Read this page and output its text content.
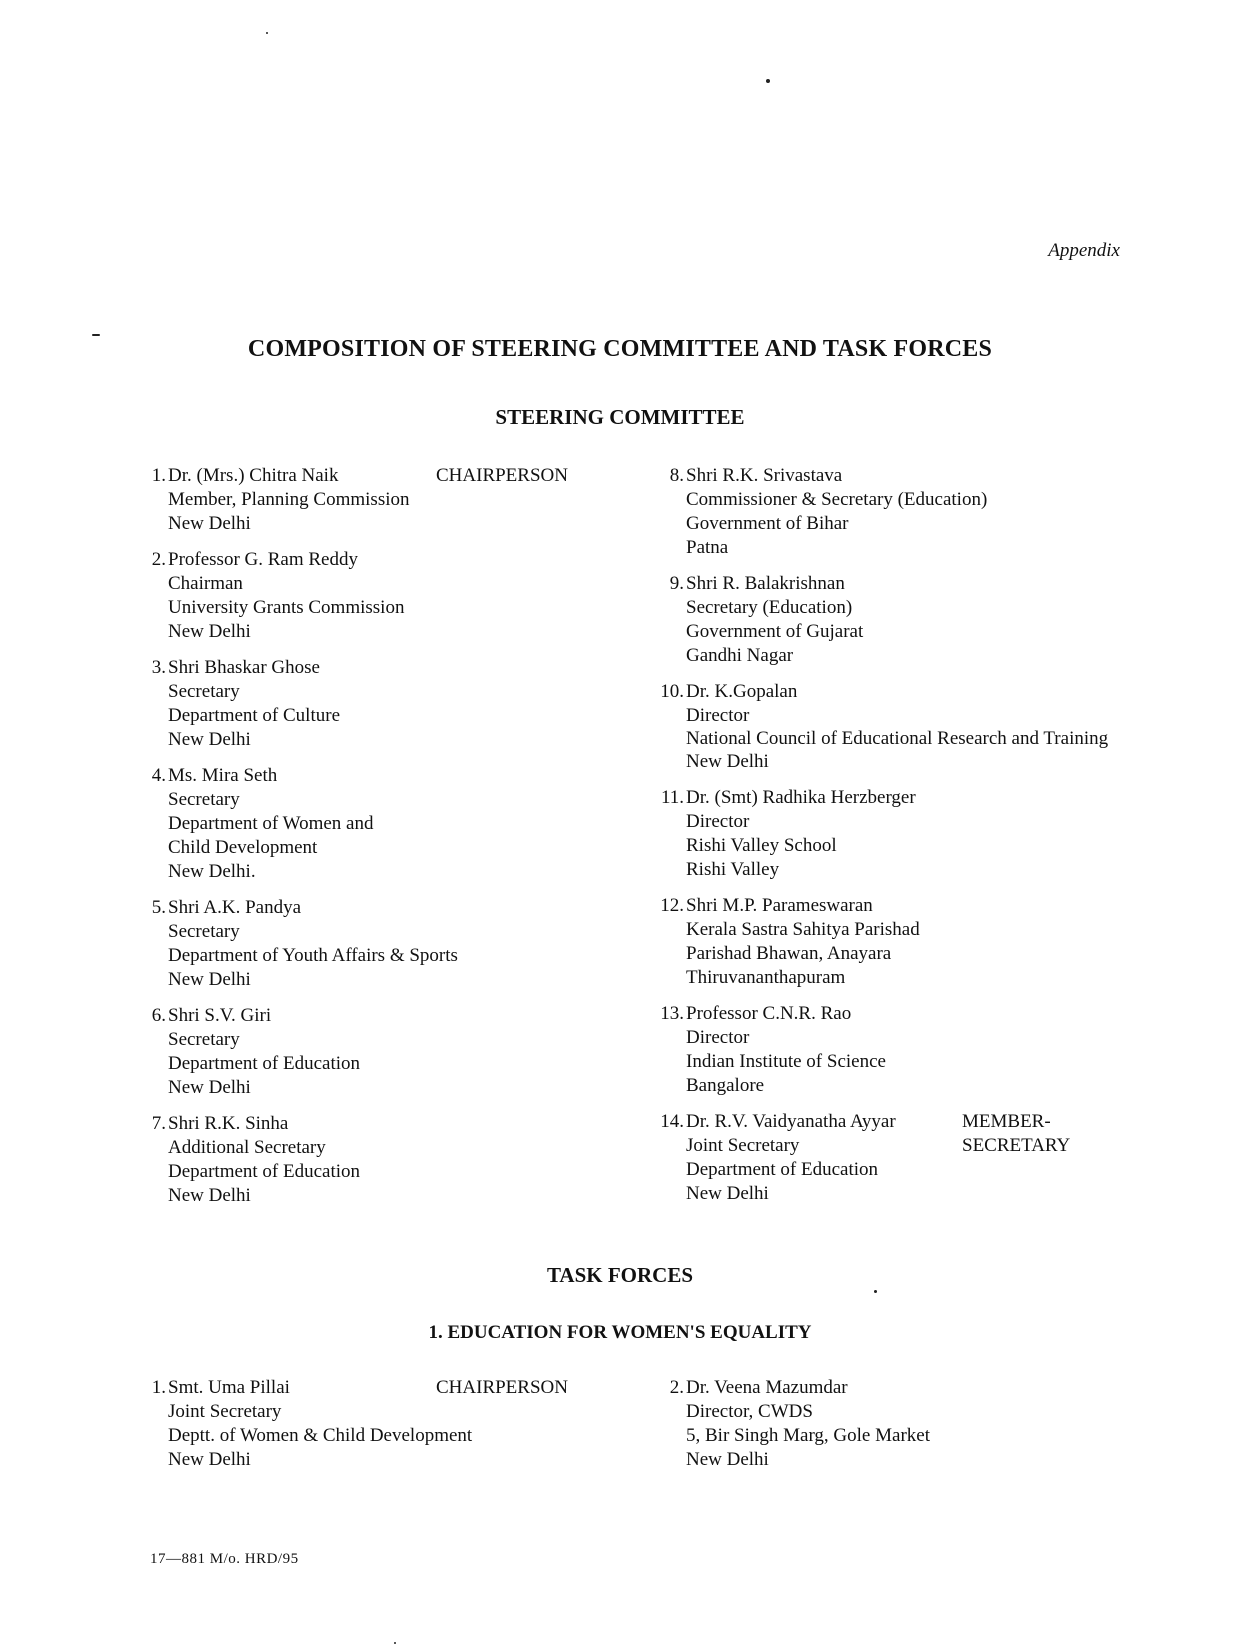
Appendix
COMPOSITION OF STEERING COMMITTEE AND TASK FORCES
STEERING COMMITTEE
1. Dr. (Mrs.) Chitra Naik
Member, Planning Commission
New Delhi
CHAIRPERSON
2. Professor G. Ram Reddy
Chairman
University Grants Commission
New Delhi
3. Shri Bhaskar Ghose
Secretary
Department of Culture
New Delhi
4. Ms. Mira Seth
Secretary
Department of Women and
Child Development
New Delhi.
5. Shri A.K. Pandya
Secretary
Department of Youth Affairs & Sports
New Delhi
6. Shri S.V. Giri
Secretary
Department of Education
New Delhi
7. Shri R.K. Sinha
Additional Secretary
Department of Education
New Delhi
8. Shri R.K. Srivastava
Commissioner & Secretary (Education)
Government of Bihar
Patna
9. Shri R. Balakrishnan
Secretary (Education)
Government of Gujarat
Gandhi Nagar
10. Dr. K.Gopalan
Director
National Council of Educational Research and Training
New Delhi
11. Dr. (Smt) Radhika Herzberger
Director
Rishi Valley School
Rishi Valley
12. Shri M.P. Parameswaran
Kerala Sastra Sahitya Parishad
Parishad Bhawan, Anayara
Thiruvananthapuram
13. Professor C.N.R. Rao
Director
Indian Institute of Science
Bangalore
14. Dr. R.V. Vaidyanatha Ayyar
Joint Secretary
Department of Education
New Delhi
MEMBER-
SECRETARY
TASK FORCES
1. EDUCATION FOR WOMEN'S EQUALITY
1. Smt. Uma Pillai
Joint Secretary
Deptt. of Women & Child Development
New Delhi
CHAIRPERSON	2. Dr. Veena Mazumdar
Director, CWDS
5, Bir Singh Marg, Gole Market
New Delhi
17—881 M/o. HRD/95
